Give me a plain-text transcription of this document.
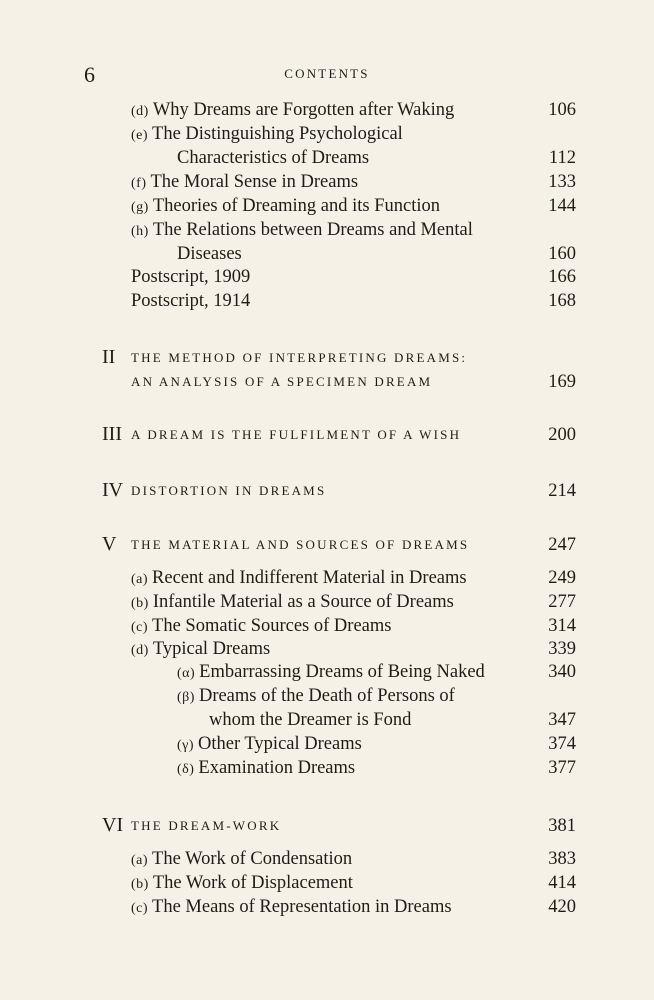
6	CONTENTS
(d) Why Dreams are Forgotten after Waking	106
(e) The Distinguishing Psychological
Characteristics of Dreams	112
(f) The Moral Sense in Dreams	133
(g) Theories of Dreaming and its Function	144
(h) The Relations between Dreams and Mental
Diseases	160
Postscript, 1909	166
Postscript, 1914	168
II THE METHOD OF INTERPRETING DREAMS:
AN ANALYSIS OF A SPECIMEN DREAM	169
III A DREAM IS THE FULFILMENT OF A WISH	200
IV DISTORTION IN DREAMS	214
V THE MATERIAL AND SOURCES OF DREAMS	247
(a) Recent and Indifferent Material in Dreams	249
(b) Infantile Material as a Source of Dreams	277
(c) The Somatic Sources of Dreams	314
(d) Typical Dreams	339
(α) Embarrassing Dreams of Being Naked	340
(β) Dreams of the Death of Persons of
whom the Dreamer is Fond	347
(γ) Other Typical Dreams	374
(δ) Examination Dreams	377
VI THE DREAM-WORK	381
(a) The Work of Condensation	383
(b) The Work of Displacement	414
(c) The Means of Representation in Dreams	420
